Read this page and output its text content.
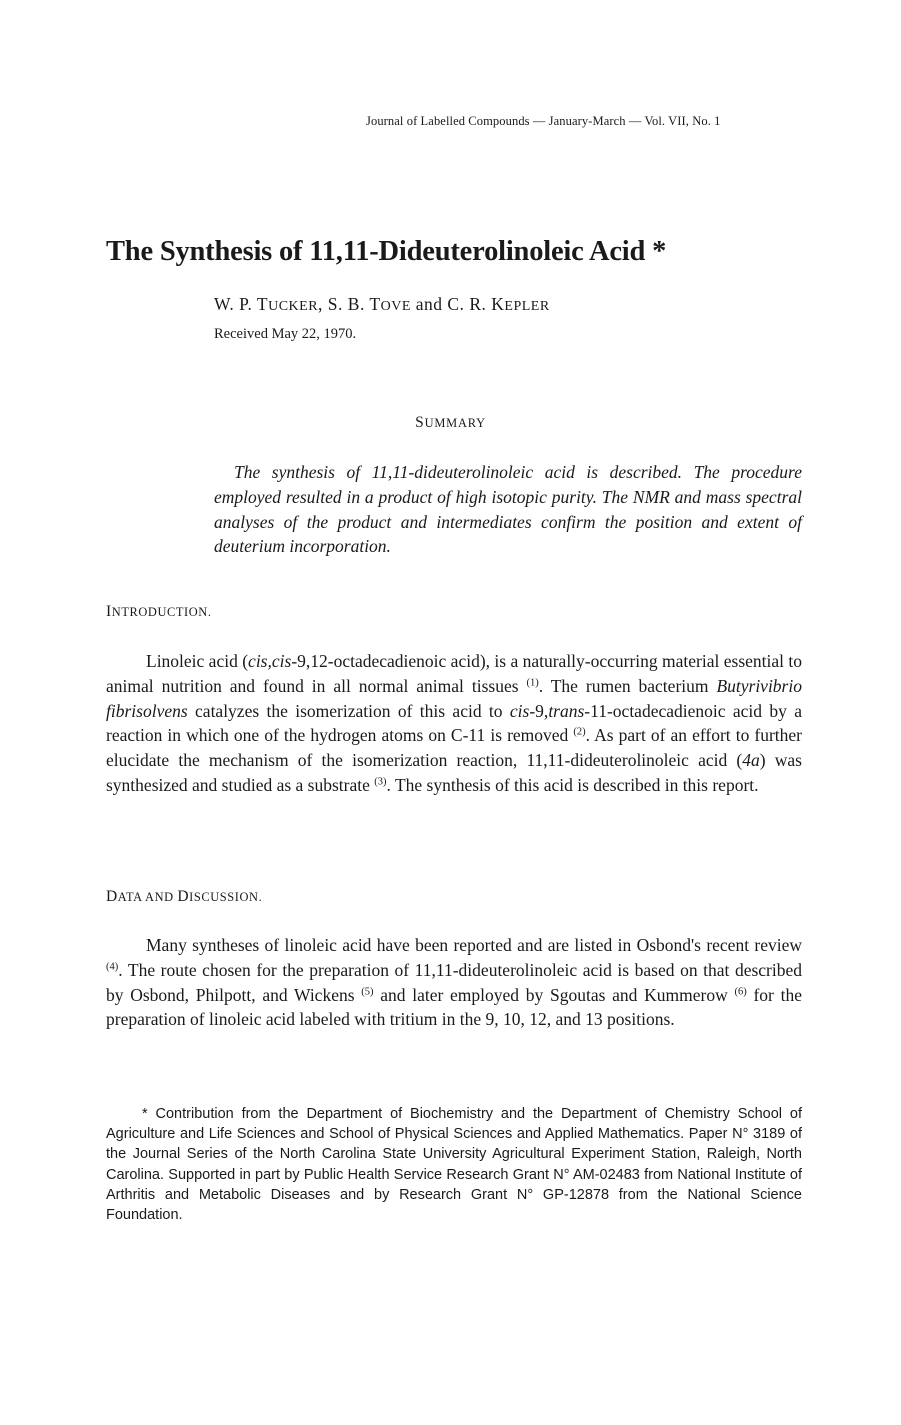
Journal of Labelled Compounds — January-March — Vol. VII, No. 1
The Synthesis of 11,11-Dideuterolinoleic Acid *
W. P. TUCKER, S. B. TOVE and C. R. KEPLER
Received May 22, 1970.
SUMMARY

The synthesis of 11,11-dideuterolinoleic acid is described. The procedure employed resulted in a product of high isotopic purity. The NMR and mass spectral analyses of the product and intermediates confirm the position and extent of deuterium incorporation.

INTRODUCTION.

Linoleic acid (cis,cis-9,12-octadecadienoic acid), is a naturally-occurring material essential to animal nutrition and found in all normal animal tissues $^{(1)}$. The rumen bacterium Butyrivibrio fibrisolvens catalyzes the isomerization of this acid to cis-9,trans-11-octadecadienoic acid by a reaction in which one of the hydrogen atoms on C-11 is removed $^{(2)}$. As part of an effort to further elucidate the mechanism of the isomerization reaction, 11,11-dideuterolinoleic acid (4a) was synthesized and studied as a substrate $^{(3)}$. The synthesis of this acid is described in this report.

DATA AND DISCUSSION.

Many syntheses of linoleic acid have been reported and are listed in Osbond's recent review $^{(4)}$. The route chosen for the preparation of 11,11-dideuterolinoleic acid is based on that described by Osbond, Philpott, and Wickens $^{(5)}$ and later employed by Sgoutas and Kummerow $^{(6)}$ for the preparation of linoleic acid labeled with tritium in the 9, 10, 12, and 13 positions.

* Contribution from the Department of Biochemistry and the Department of Chemistry School of Agriculture and Life Sciences and School of Physical Sciences and Applied Mathematics. Paper N° 3189 of the Journal Series of the North Carolina State University Agricultural Experiment Station, Raleigh, North Carolina. Supported in part by Public Health Service Research Grant N° AM-02483 from National Institute of Arthritis and Metabolic Diseases and by Research Grant N° GP-12878 from the National Science Foundation.
